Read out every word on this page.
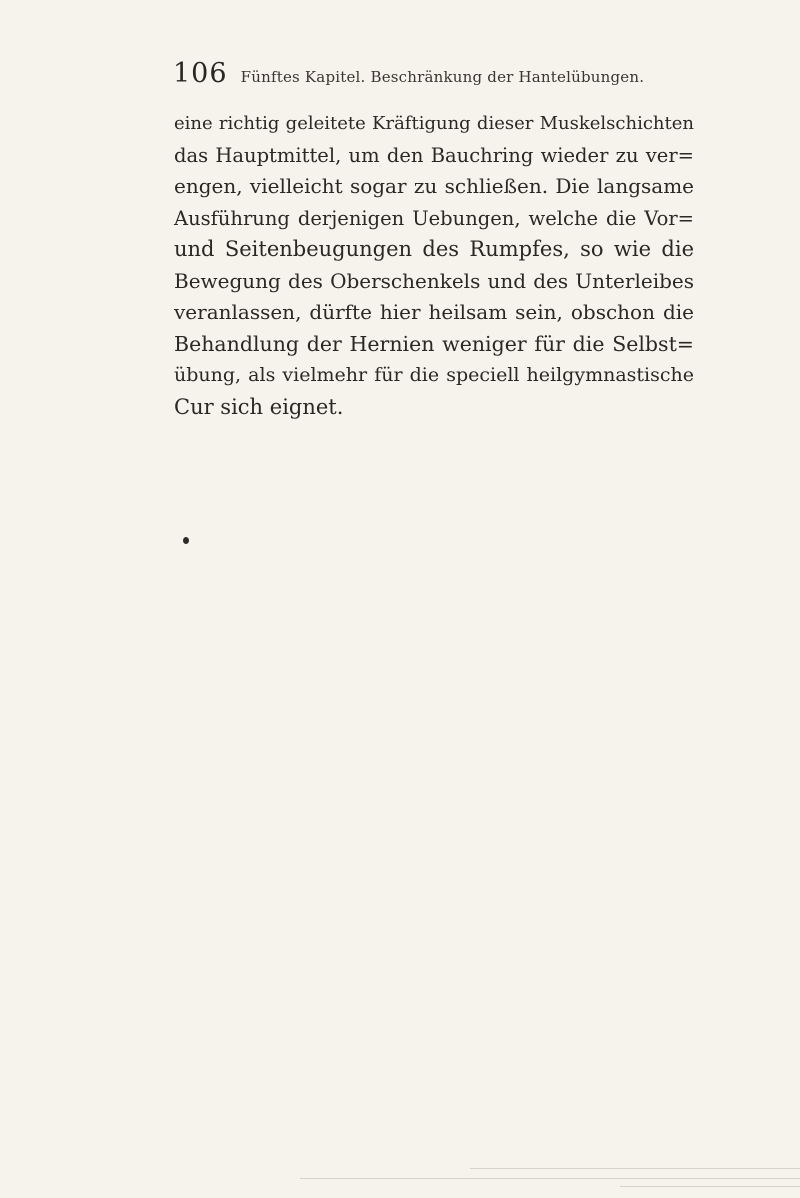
106 Fünftes Kapitel. Beschränkung der Hantelübungen.
eine richtig geleitete Kräftigung dieser Muskelschichten
das Hauptmittel, um den Bauchring wieder zu ver=
engen, vielleicht sogar zu schließen. Die langsame
Ausführung derjenigen Uebungen, welche die Vor=
und Seitenbeugungen des Rumpfes, so wie die
Bewegung des Oberschenkels und des Unterleibes
veranlassen, dürfte hier heilsam sein, obschon die
Behandlung der Hernien weniger für die Selbst=
übung, als vielmehr für die speciell heilgymnastische
Cur sich eignet.
